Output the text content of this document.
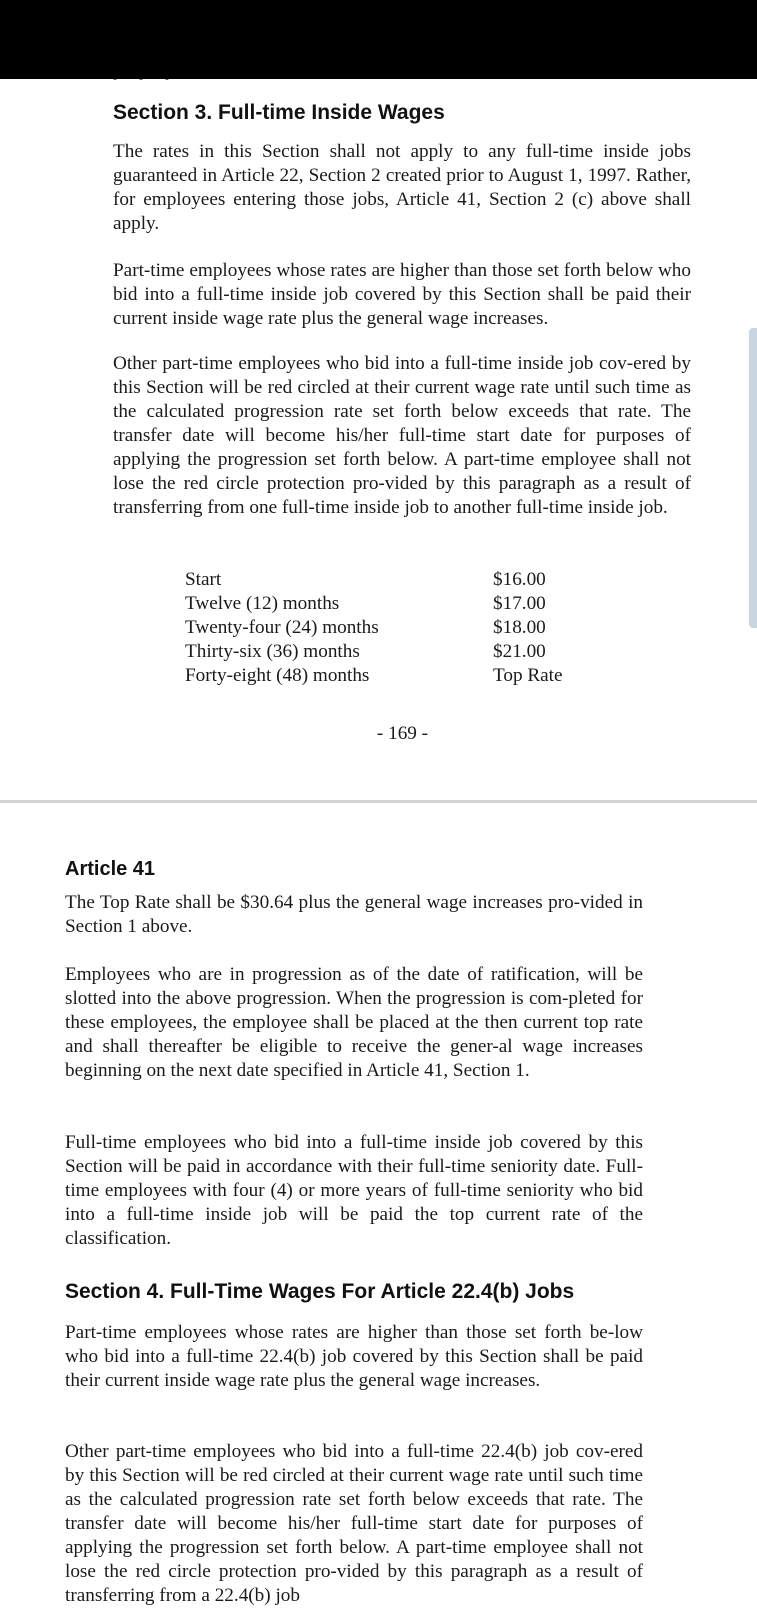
Section 3. Full-time Inside Wages

The rates in this Section shall not apply to any full-time inside jobs guaranteed in Article 22, Section 2 created prior to August 1, 1997. Rather, for employees entering those jobs, Article 41, Section 2 (c) above shall apply.

Part-time employees whose rates are higher than those set forth below who bid into a full-time inside job covered by this Section shall be paid their current inside wage rate plus the general wage increases.

Other part-time employees who bid into a full-time inside job cov-ered by this Section will be red circled at their current wage rate until such time as the calculated progression rate set forth below exceeds that rate. The transfer date will become his/her full-time start date for purposes of applying the progression set forth below. A part-time employee shall not lose the red circle protection pro-vided by this paragraph as a result of transferring from one full-time inside job to another full-time inside job.

Start	$16.00
Twelve (12) months	$17.00
Twenty-four (24) months	$18.00
Thirty-six (36) months	$21.00
Forty-eight (48) months	Top Rate
- 169 -
Article 41

The Top Rate shall be $30.64 plus the general wage increases pro-vided in Section 1 above.

Employees who are in progression as of the date of ratification, will be slotted into the above progression. When the progression is com-pleted for these employees, the employee shall be placed at the then current top rate and shall thereafter be eligible to receive the gener-al wage increases beginning on the next date specified in Article 41, Section 1.

Full-time employees who bid into a full-time inside job covered by this Section will be paid in accordance with their full-time seniority date. Full-time employees with four (4) or more years of full-time seniority who bid into a full-time inside job will be paid the top current rate of the classification.

Section 4. Full-Time Wages For Article 22.4(b) Jobs

Part-time employees whose rates are higher than those set forth be-low who bid into a full-time 22.4(b) job covered by this Section shall be paid their current inside wage rate plus the general wage increases.

Other part-time employees who bid into a full-time 22.4(b) job cov-ered by this Section will be red circled at their current wage rate until such time as the calculated progression rate set forth below exceeds that rate. The transfer date will become his/her full-time start date for purposes of applying the progression set forth below. A part-time employee shall not lose the red circle protection pro-vided by this paragraph as a result of transferring from a 22.4(b) job
